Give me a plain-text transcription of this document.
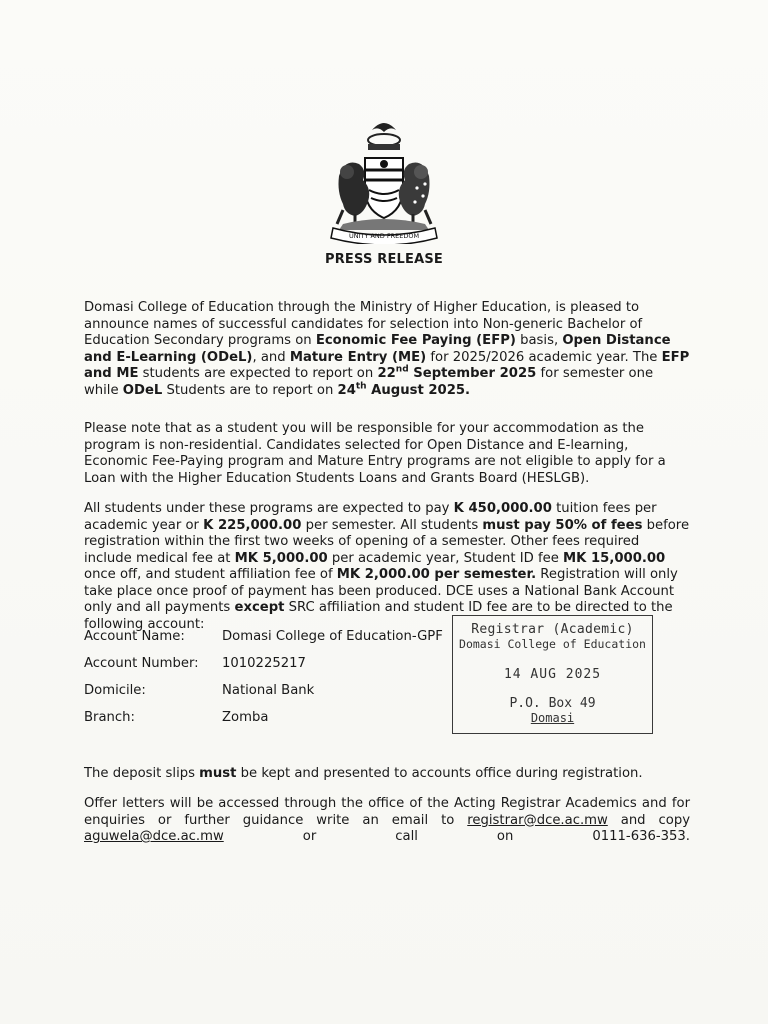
UNITY AND FREEDOM
PRESS RELEASE

Domasi College of Education through the Ministry of Higher Education, is pleased to announce names of successful candidates for selection into Non-generic Bachelor of Education Secondary programs on Economic Fee Paying (EFP) basis, Open Distance and E-Learning (ODeL), and Mature Entry (ME) for 2025/2026 academic year. The EFP and ME students are expected to report on 22nd September 2025 for semester one while ODeL Students are to report on 24th August 2025.

Please note that as a student you will be responsible for your accommodation as the program is non-residential. Candidates selected for Open Distance and E-learning, Economic Fee-Paying program and Mature Entry programs are not eligible to apply for a Loan with the Higher Education Students Loans and Grants Board (HESLGB).

All students under these programs are expected to pay K 450,000.00 tuition fees per academic year or K 225,000.00 per semester. All students must pay 50% of fees before registration within the first two weeks of opening of a semester. Other fees required include medical fee at MK 5,000.00 per academic year, Student ID fee MK 15,000.00 once off, and student affiliation fee of MK 2,000.00 per semester. Registration will only take place once proof of payment has been produced. DCE uses a National Bank Account only and all payments except SRC affiliation and student ID fee are to be directed to the following account:

Account Name:	Domasi College of Education-GPF
Account Number:	1010225217
Domicile:	National Bank
Branch:	Zomba
Registrar (Academic)
Domasi College of Education
14 AUG 2025
P.O. Box 49
Domasi

The deposit slips must be kept and presented to accounts office during registration.

Offer letters will be accessed through the office of the Acting Registrar Academics and for enquiries or further guidance write an email to registrar@dce.ac.mw and copy aguwela@dce.ac.mw or call on 0111-636-353.
